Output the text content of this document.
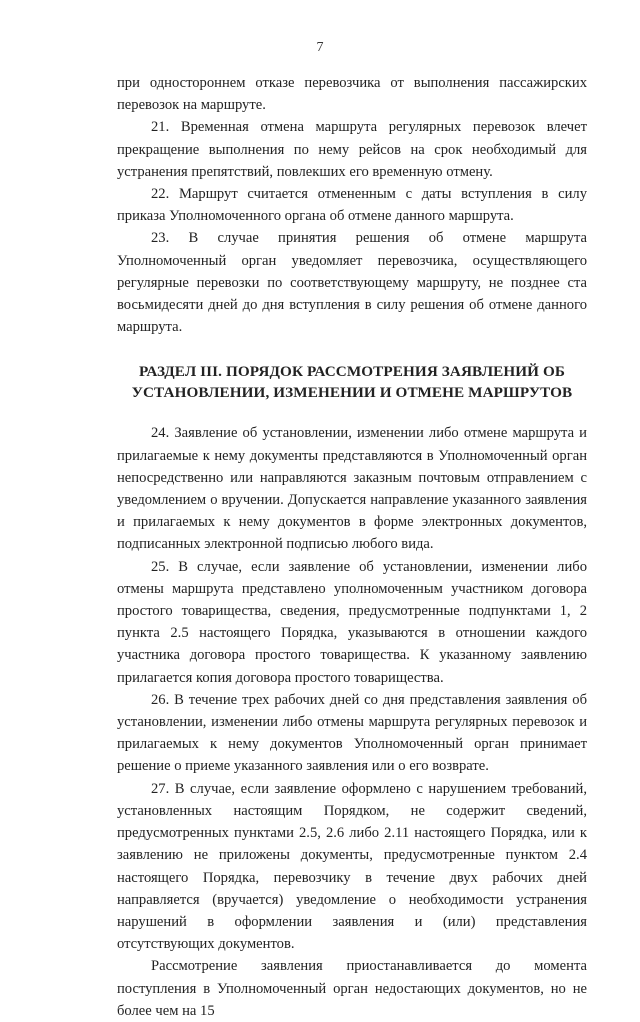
7

при одностороннем отказе перевозчика от выполнения пассажирских перевозок на маршруте.

21. Временная отмена маршрута регулярных перевозок влечет прекращение выполнения по нему рейсов на срок необходимый для устранения препятствий, повлекших его временную отмену.

22. Маршрут считается отмененным с даты вступления в силу приказа Уполномоченного органа об отмене данного маршрута.

23. В случае принятия решения об отмене маршрута Уполномоченный орган уведомляет перевозчика, осуществляющего регулярные перевозки по соответствующему маршруту, не позднее ста восьмидесяти дней до дня вступления в силу решения об отмене данного маршрута.

РАЗДЕЛ III. ПОРЯДОК РАССМОТРЕНИЯ ЗАЯВЛЕНИЙ ОБ УСТАНОВЛЕНИИ, ИЗМЕНЕНИИ И ОТМЕНЕ МАРШРУТОВ

24. Заявление об установлении, изменении либо отмене маршрута и прилагаемые к нему документы представляются в Уполномоченный орган непосредственно или направляются заказным почтовым отправлением с уведомлением о вручении. Допускается направление указанного заявления и прилагаемых к нему документов в форме электронных документов, подписанных электронной подписью любого вида.

25. В случае, если заявление об установлении, изменении либо отмены маршрута представлено уполномоченным участником договора простого товарищества, сведения, предусмотренные подпунктами 1, 2 пункта 2.5 настоящего Порядка, указываются в отношении каждого участника договора простого товарищества. К указанному заявлению прилагается копия договора простого товарищества.

26. В течение трех рабочих дней со дня представления заявления об установлении, изменении либо отмены маршрута регулярных перевозок и прилагаемых к нему документов Уполномоченный орган принимает решение о приеме указанного заявления или о его возврате.

27. В случае, если заявление оформлено с нарушением требований, установленных настоящим Порядком, не содержит сведений, предусмотренных пунктами 2.5, 2.6 либо 2.11 настоящего Порядка, или к заявлению не приложены документы, предусмотренные пунктом 2.4 настоящего Порядка, перевозчику в течение двух рабочих дней направляется (вручается) уведомление о необходимости устранения нарушений в оформлении заявления и (или) представления отсутствующих документов.

Рассмотрение заявления приостанавливается до момента поступления в Уполномоченный орган недостающих документов, но не более чем на 15
